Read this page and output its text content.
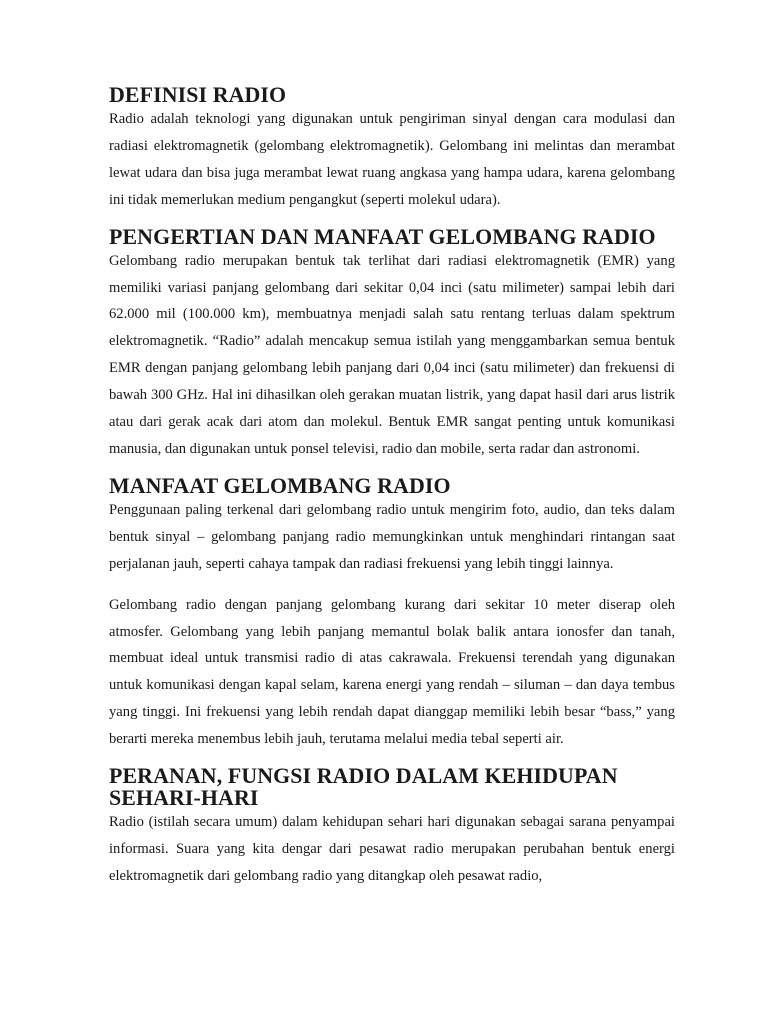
DEFINISI RADIO

Radio adalah teknologi yang digunakan untuk pengiriman sinyal dengan cara modulasi dan radiasi elektromagnetik (gelombang elektromagnetik). Gelombang ini melintas dan merambat lewat udara dan bisa juga merambat lewat ruang angkasa yang hampa udara, karena gelombang ini tidak memerlukan medium pengangkut (seperti molekul udara).

PENGERTIAN DAN MANFAAT GELOMBANG RADIO

Gelombang radio merupakan bentuk tak terlihat dari radiasi elektromagnetik (EMR) yang memiliki variasi panjang gelombang dari sekitar 0,04 inci (satu milimeter) sampai lebih dari 62.000 mil (100.000 km), membuatnya menjadi salah satu rentang terluas dalam spektrum elektromagnetik. “Radio” adalah mencakup semua istilah yang menggambarkan semua bentuk EMR dengan panjang gelombang lebih panjang dari 0,04 inci (satu milimeter) dan frekuensi di bawah 300 GHz. Hal ini dihasilkan oleh gerakan muatan listrik, yang dapat hasil dari arus listrik atau dari gerak acak dari atom dan molekul. Bentuk EMR sangat penting untuk komunikasi manusia, dan digunakan untuk ponsel televisi, radio dan mobile, serta radar dan astronomi.

MANFAAT GELOMBANG RADIO

Penggunaan paling terkenal dari gelombang radio untuk mengirim foto, audio, dan teks dalam bentuk sinyal – gelombang panjang radio memungkinkan untuk menghindari rintangan saat perjalanan jauh, seperti cahaya tampak dan radiasi frekuensi yang lebih tinggi lainnya.

Gelombang radio dengan panjang gelombang kurang dari sekitar 10 meter diserap oleh atmosfer. Gelombang yang lebih panjang memantul bolak balik antara ionosfer dan tanah, membuat ideal untuk transmisi radio di atas cakrawala. Frekuensi terendah yang digunakan untuk komunikasi dengan kapal selam, karena energi yang rendah – siluman – dan daya tembus yang tinggi. Ini frekuensi yang lebih rendah dapat dianggap memiliki lebih besar “bass,” yang berarti mereka menembus lebih jauh, terutama melalui media tebal seperti air.

PERANAN, FUNGSI RADIO DALAM KEHIDUPAN SEHARI-HARI

Radio (istilah secara umum) dalam kehidupan sehari hari digunakan sebagai sarana penyampai informasi. Suara yang kita dengar dari pesawat radio merupakan perubahan bentuk energi elektromagnetik dari gelombang radio yang ditangkap oleh pesawat radio,
